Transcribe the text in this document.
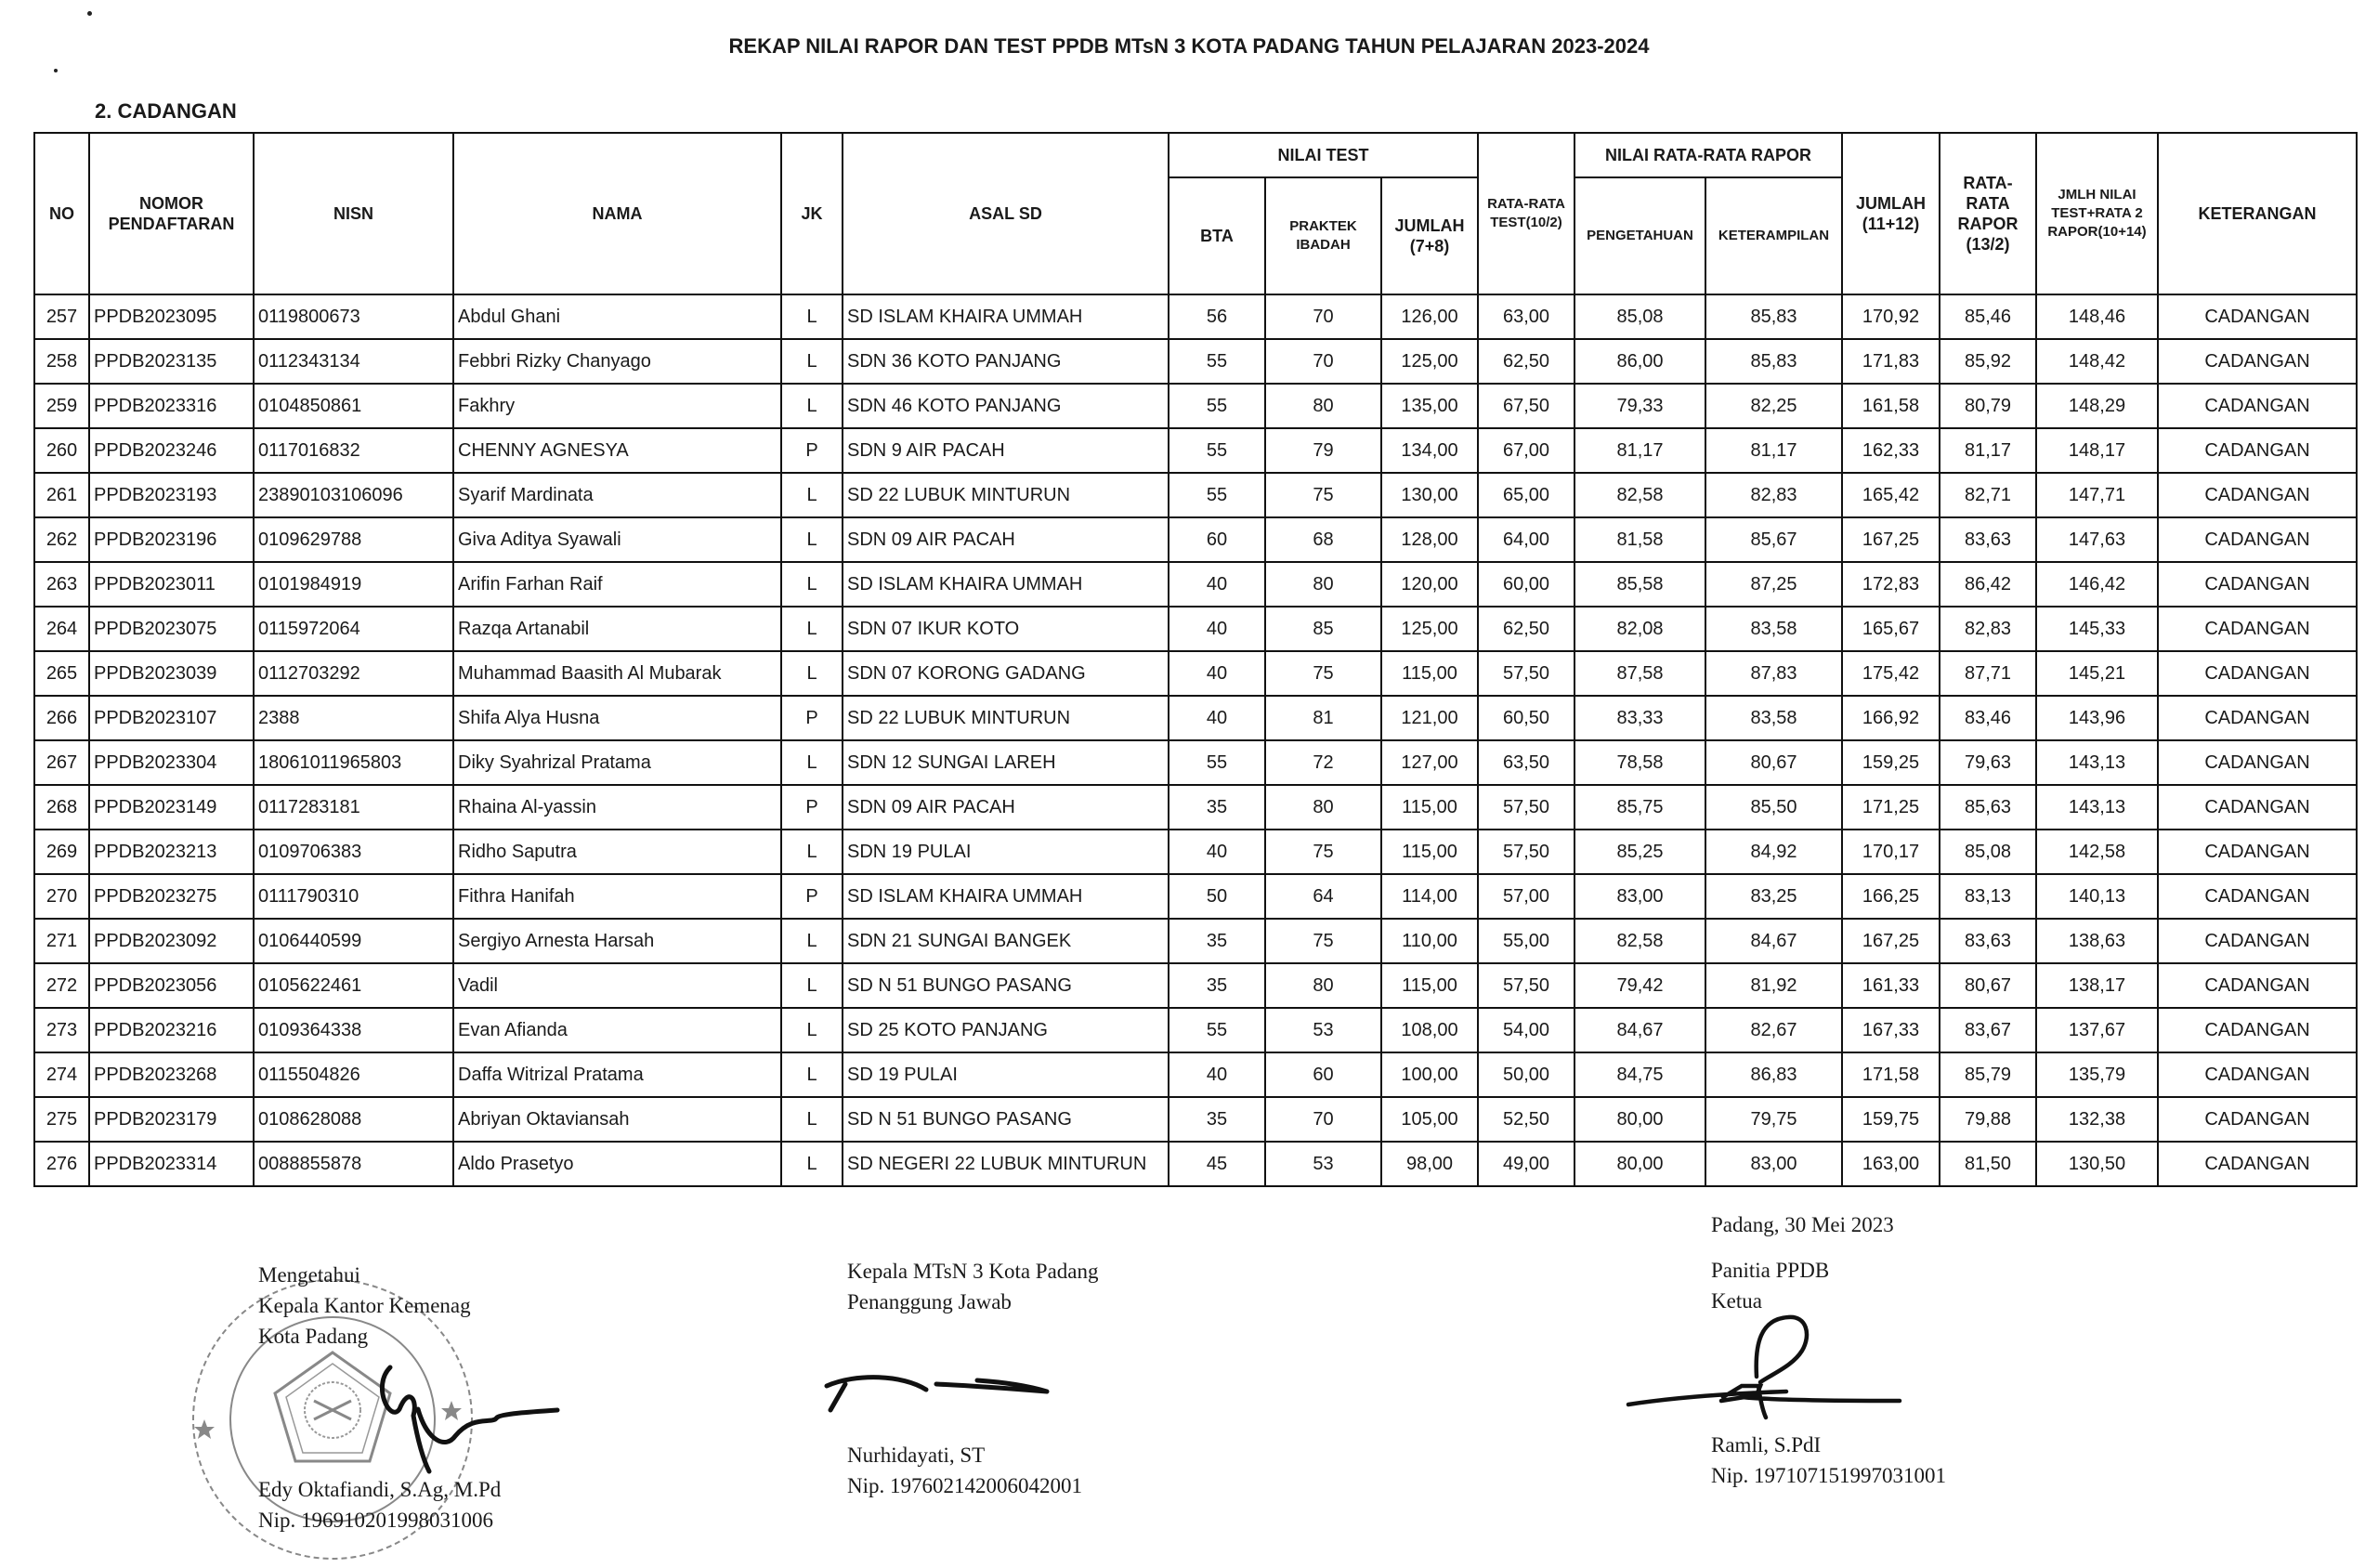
REKAP NILAI RAPOR DAN TEST PPDB MTsN 3 KOTA PADANG TAHUN PELAJARAN 2023-2024
2. CADANGAN
NO	NOMOR PENDAFTARAN	NISN	NAMA	JK	ASAL SD	NILAI TEST			RATA-RATA TEST(10/2)	NILAI RATA-RATA RAPOR		JUMLAH (11+12)	RATA-RATA RAPOR (13/2)	JMLH NILAI TEST+RATA 2 RAPOR(10+14)	KETERANGAN
						BTA	PRAKTEK IBADAH	JUMLAH (7+8)		PENGETAHUAN	KETERAMPILAN				
257	PPDB2023095	0119800673	Abdul Ghani	L	SD ISLAM KHAIRA UMMAH	56	70	126,00	63,00	85,08	85,83	170,92	85,46	148,46	CADANGAN
258	PPDB2023135	0112343134	Febbri Rizky Chanyago	L	SDN 36 KOTO PANJANG	55	70	125,00	62,50	86,00	85,83	171,83	85,92	148,42	CADANGAN
259	PPDB2023316	0104850861	Fakhry	L	SDN 46 KOTO PANJANG	55	80	135,00	67,50	79,33	82,25	161,58	80,79	148,29	CADANGAN
260	PPDB2023246	0117016832	CHENNY AGNESYA	P	SDN 9 AIR PACAH	55	79	134,00	67,00	81,17	81,17	162,33	81,17	148,17	CADANGAN
261	PPDB2023193	23890103106096	Syarif Mardinata	L	SD 22 LUBUK MINTURUN	55	75	130,00	65,00	82,58	82,83	165,42	82,71	147,71	CADANGAN
262	PPDB2023196	0109629788	Giva Aditya Syawali	L	SDN 09 AIR PACAH	60	68	128,00	64,00	81,58	85,67	167,25	83,63	147,63	CADANGAN
263	PPDB2023011	0101984919	Arifin Farhan Raif	L	SD ISLAM KHAIRA UMMAH	40	80	120,00	60,00	85,58	87,25	172,83	86,42	146,42	CADANGAN
264	PPDB2023075	0115972064	Razqa Artanabil	L	SDN 07 IKUR KOTO	40	85	125,00	62,50	82,08	83,58	165,67	82,83	145,33	CADANGAN
265	PPDB2023039	0112703292	Muhammad Baasith Al Mubarak	L	SDN 07 KORONG GADANG	40	75	115,00	57,50	87,58	87,83	175,42	87,71	145,21	CADANGAN
266	PPDB2023107	2388	Shifa Alya Husna	P	SD 22 LUBUK MINTURUN	40	81	121,00	60,50	83,33	83,58	166,92	83,46	143,96	CADANGAN
267	PPDB2023304	18061011965803	Diky Syahrizal Pratama	L	SDN 12 SUNGAI LAREH	55	72	127,00	63,50	78,58	80,67	159,25	79,63	143,13	CADANGAN
268	PPDB2023149	0117283181	Rhaina Al-yassin	P	SDN 09 AIR PACAH	35	80	115,00	57,50	85,75	85,50	171,25	85,63	143,13	CADANGAN
269	PPDB2023213	0109706383	Ridho Saputra	L	SDN 19 PULAI	40	75	115,00	57,50	85,25	84,92	170,17	85,08	142,58	CADANGAN
270	PPDB2023275	0111790310	Fithra Hanifah	P	SD ISLAM KHAIRA UMMAH	50	64	114,00	57,00	83,00	83,25	166,25	83,13	140,13	CADANGAN
271	PPDB2023092	0106440599	Sergiyo Arnesta Harsah	L	SDN 21 SUNGAI BANGEK	35	75	110,00	55,00	82,58	84,67	167,25	83,63	138,63	CADANGAN
272	PPDB2023056	0105622461	Vadil	L	SD N 51 BUNGO PASANG	35	80	115,00	57,50	79,42	81,92	161,33	80,67	138,17	CADANGAN
273	PPDB2023216	0109364338	Evan Afianda	L	SD 25 KOTO PANJANG	55	53	108,00	54,00	84,67	82,67	167,33	83,67	137,67	CADANGAN
274	PPDB2023268	0115504826	Daffa Witrizal Pratama	L	SD 19 PULAI	40	60	100,00	50,00	84,75	86,83	171,58	85,79	135,79	CADANGAN
275	PPDB2023179	0108628088	Abriyan Oktaviansah	L	SD N 51 BUNGO PASANG	35	70	105,00	52,50	80,00	79,75	159,75	79,88	132,38	CADANGAN
276	PPDB2023314	0088855878	Aldo Prasetyo	L	SD NEGERI 22 LUBUK MINTURUN	45	53	98,00	49,00	80,00	83,00	163,00	81,50	130,50	CADANGAN
Mengetahui
Kepala Kantor Kemenag
Kota Padang
Edy Oktafiandi, S.Ag, M.Pd
Nip. 196910201998031006
Kepala MTsN 3 Kota Padang
Penanggung Jawab
Nurhidayati, ST
Nip. 197602142006042001
Padang, 30 Mei 2023
Panitia PPDB
Ketua
Ramli, S.PdI
Nip. 197107151997031001
